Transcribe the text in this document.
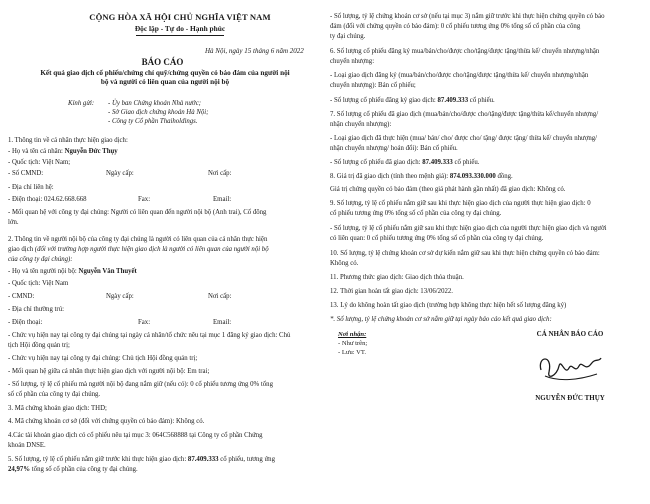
CỘNG HÒA XÃ HỘI CHỦ NGHĨA VIỆT NAM
Độc lập - Tự do - Hạnh phúc
Hà Nội, ngày 15 tháng 6 năm 2022
BÁO CÁO
Kết quả giao dịch cổ phiếu/chứng chỉ quỹ/chứng quyền có bảo đảm của người nội
bộ và người có liên quan của người nội bộ
Kính gửi: - Ủy ban Chứng khoán Nhà nước;
- Sở Giao dịch chứng khoán Hà Nội;
- Công ty Cổ phần Thaiholdings.
1. Thông tin về cá nhân thực hiện giao dịch:
- Họ và tên cá nhân: Nguyễn Đức Thụy
- Quốc tịch: Việt Nam;
- Số CMND:	Ngày cấp:	Nơi cấp:
- Địa chỉ liên hệ:
- Điện thoại: 024.62.668.668	Fax:	Email:
- Mối quan hệ với công ty đại chúng: Người có liên quan đến người nội bộ (Anh trai), Cổ đông
lớn.
2. Thông tin về người nội bộ của công ty đại chúng là người có liên quan của cá nhân thực hiện
giao dịch (đối với trường hợp người thực hiện giao dịch là người có liên quan của người nội bộ
của công ty đại chúng):
- Họ và tên người nội bộ: Nguyễn Văn Thuyết
- Quốc tịch: Việt Nam
- CMND:	Ngày cấp:	Nơi cấp:
- Địa chỉ thường trú:
- Điện thoại:	Fax:	Email:
- Chức vụ hiện nay tại công ty đại chúng tại ngày cá nhân/tổ chức nêu tại mục 1 đăng ký giao dịch: Chủ
tịch Hội đồng quản trị;
- Chức vụ hiện nay tại công ty đại chúng: Chủ tịch Hội đồng quản trị;
- Mối quan hệ giữa cá nhân thực hiện giao dịch với người nội bộ: Em trai;
- Số lượng, tỷ lệ cổ phiếu mà người nội bộ đang nắm giữ (nếu có): 0 cổ phiếu tương ứng 0% tổng
số cổ phần của công ty đại chúng.
3. Mã chứng khoán giao dịch: THD;
4. Mã chứng khoán cơ sở (đối với chứng quyền có bảo đảm): Không có.
4.Các tài khoản giao dịch có cổ phiếu nêu tại mục 3: 064C568888 tại Công ty cổ phần Chứng
khoán DNSE.
5. Số lượng, tỷ lệ cổ phiếu nắm giữ trước khi thực hiện giao dịch: 87.409.333 cổ phiếu, tương ứng
24,97% tổng số cổ phần của công ty đại chúng.
- Số lượng, tỷ lệ chứng khoán cơ sở (nếu tại mục 3) nắm giữ trước khi thực hiện chứng quyền có bảo
đảm (đối với chứng quyền có bảo đảm): 0 cổ phiếu tương ứng 0% tổng số cổ phần của công
ty đại chúng.
6. Số lượng cổ phiếu đăng ký mua/bán/cho/được cho/tặng/được tặng/thừa kế/ chuyển nhượng/nhận
chuyển nhượng:
- Loại giao dịch đăng ký (mua/bán/cho/được cho/tặng/được tặng/thừa kế/ chuyển nhượng/nhận
chuyển nhượng): Bán cổ phiếu;
- Số lượng cổ phiếu đăng ký giao dịch: 87.409.333 cổ phiếu.
7. Số lượng cổ phiếu đã giao dịch (mua/bán/cho/được cho/tặng/được tặng/thừa kế/chuyển nhượng/
nhận chuyển nhượng):
- Loại giao dịch đã thực hiện (mua/ bán/ cho/ được cho/ tặng/ được tặng/ thừa kế/ chuyển nhượng/
nhận chuyển nhượng/ hoán đổi): Bán cổ phiếu.
- Số lượng cổ phiếu đã giao dịch: 87.409.333 cổ phiếu.
8. Giá trị đã giao dịch (tính theo mệnh giá): 874.093.330.000 đồng.
Giá trị chứng quyền có bảo đảm (theo giá phát hành gần nhất) đã giao dịch: Không có.
9. Số lượng, tỷ lệ cổ phiếu nắm giữ sau khi thực hiện giao dịch của người thực hiện giao dịch: 0
cổ phiếu tương ứng 0% tổng số cổ phần của công ty đại chúng.
- Số lượng, tỷ lệ cổ phiếu nắm giữ sau khi thực hiện giao dịch của người thực hiện giao dịch và người
có liên quan: 0 cổ phiếu tương ứng 0% tổng số cổ phần của công ty đại chúng.
10. Số lượng, tỷ lệ chứng khoán cơ sở dự kiến nắm giữ sau khi thực hiện chứng quyền có bảo đảm:
Không có.
11. Phương thức giao dịch: Giao dịch thỏa thuận.
12. Thời gian hoàn tất giao dịch: 13/06/2022.
13. Lý do không hoàn tất giao dịch (trường hợp không thực hiện hết số lượng đăng ký)
*. Số lượng, tỷ lệ chứng khoán cơ sở nắm giữ tại ngày báo cáo kết quả giao dịch:
Nơi nhận:
- Như trên;
- Lưu: VT.
CÁ NHÂN BÁO CÁO
NGUYỄN ĐỨC THỤY
